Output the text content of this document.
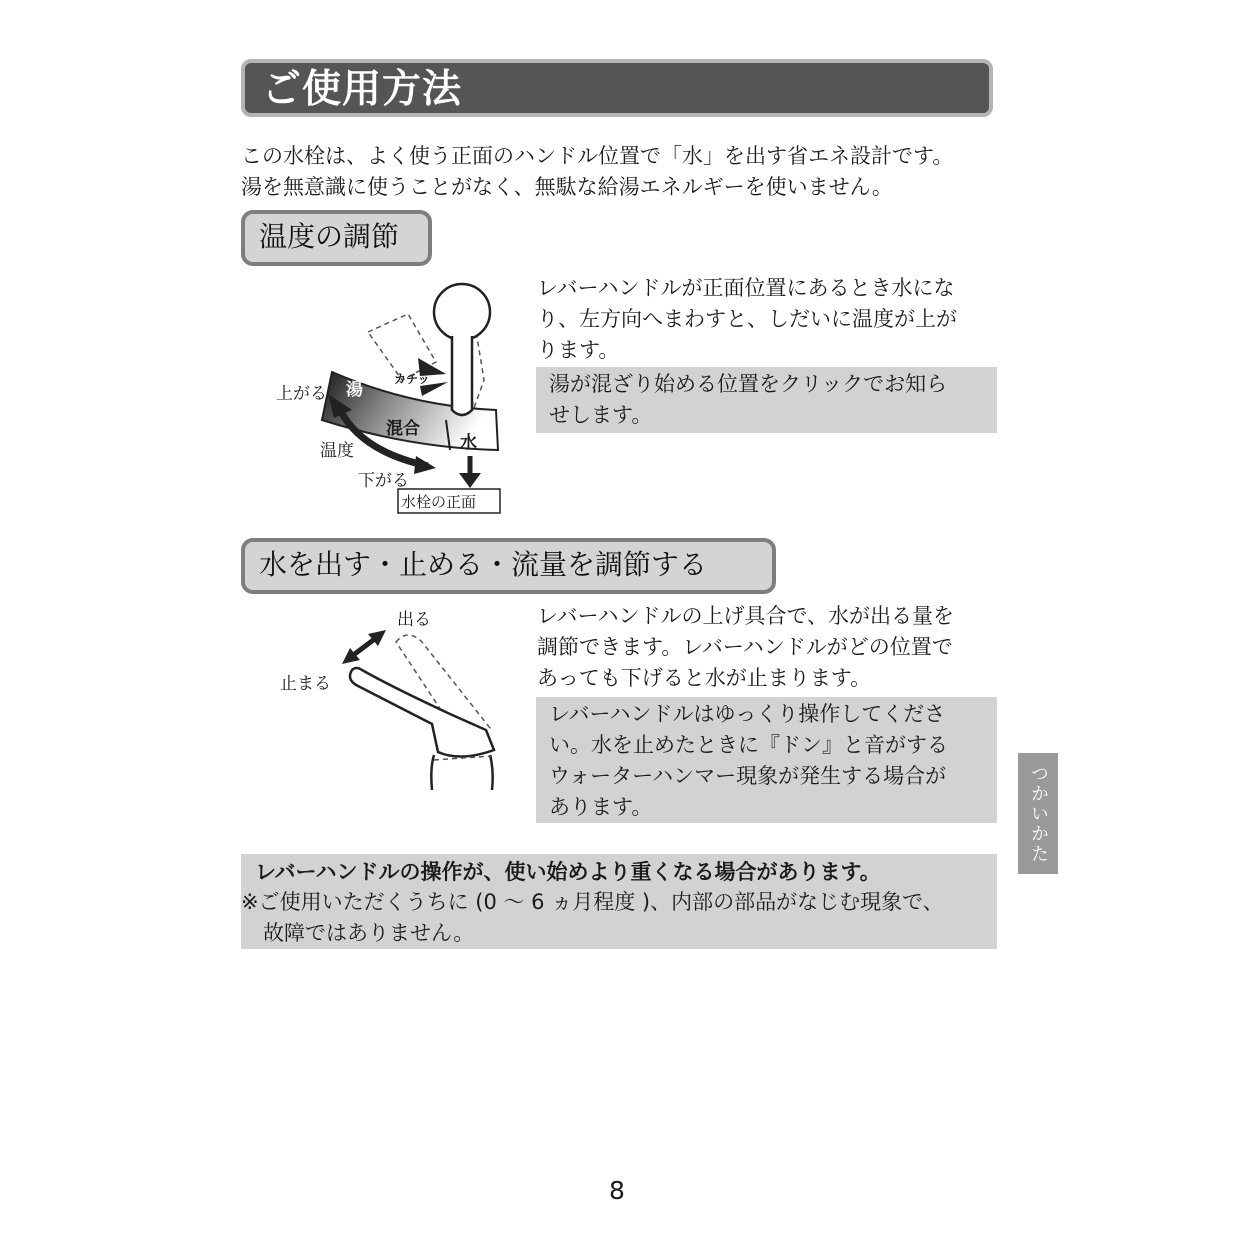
ご使用方法
この水栓は、よく使う正面のハンドル位置で「水」を出す省エネ設計です。
湯を無意識に使うことがなく、無駄な給湯エネルギーを使いません。
温度の調節
上がる
温度
下がる
湯
カチッ
混合
水
水栓の正面
レバーハンドルが正面位置にあるとき水にな
り、左方向へまわすと、しだいに温度が上が
ります。
湯が混ざり始める位置をクリックでお知ら
せします。
水を出す・止める・流量を調節する
出る
止まる
レバーハンドルの上げ具合で、水が出る量を
調節できます。レバーハンドルがどの位置で
あっても下げると水が止まります。
レバーハンドルはゆっくり操作してくださ
い。水を止めたときに『ドン』と音がする
ウォーターハンマー現象が発生する場合が
あります。
レバーハンドルの操作が、使い始めより重くなる場合があります。
※ご使用いただくうちに (0 ～ 6 ヵ月程度 )、内部の部品がなじむ現象で、
故障ではありません。
つかいかた
8
